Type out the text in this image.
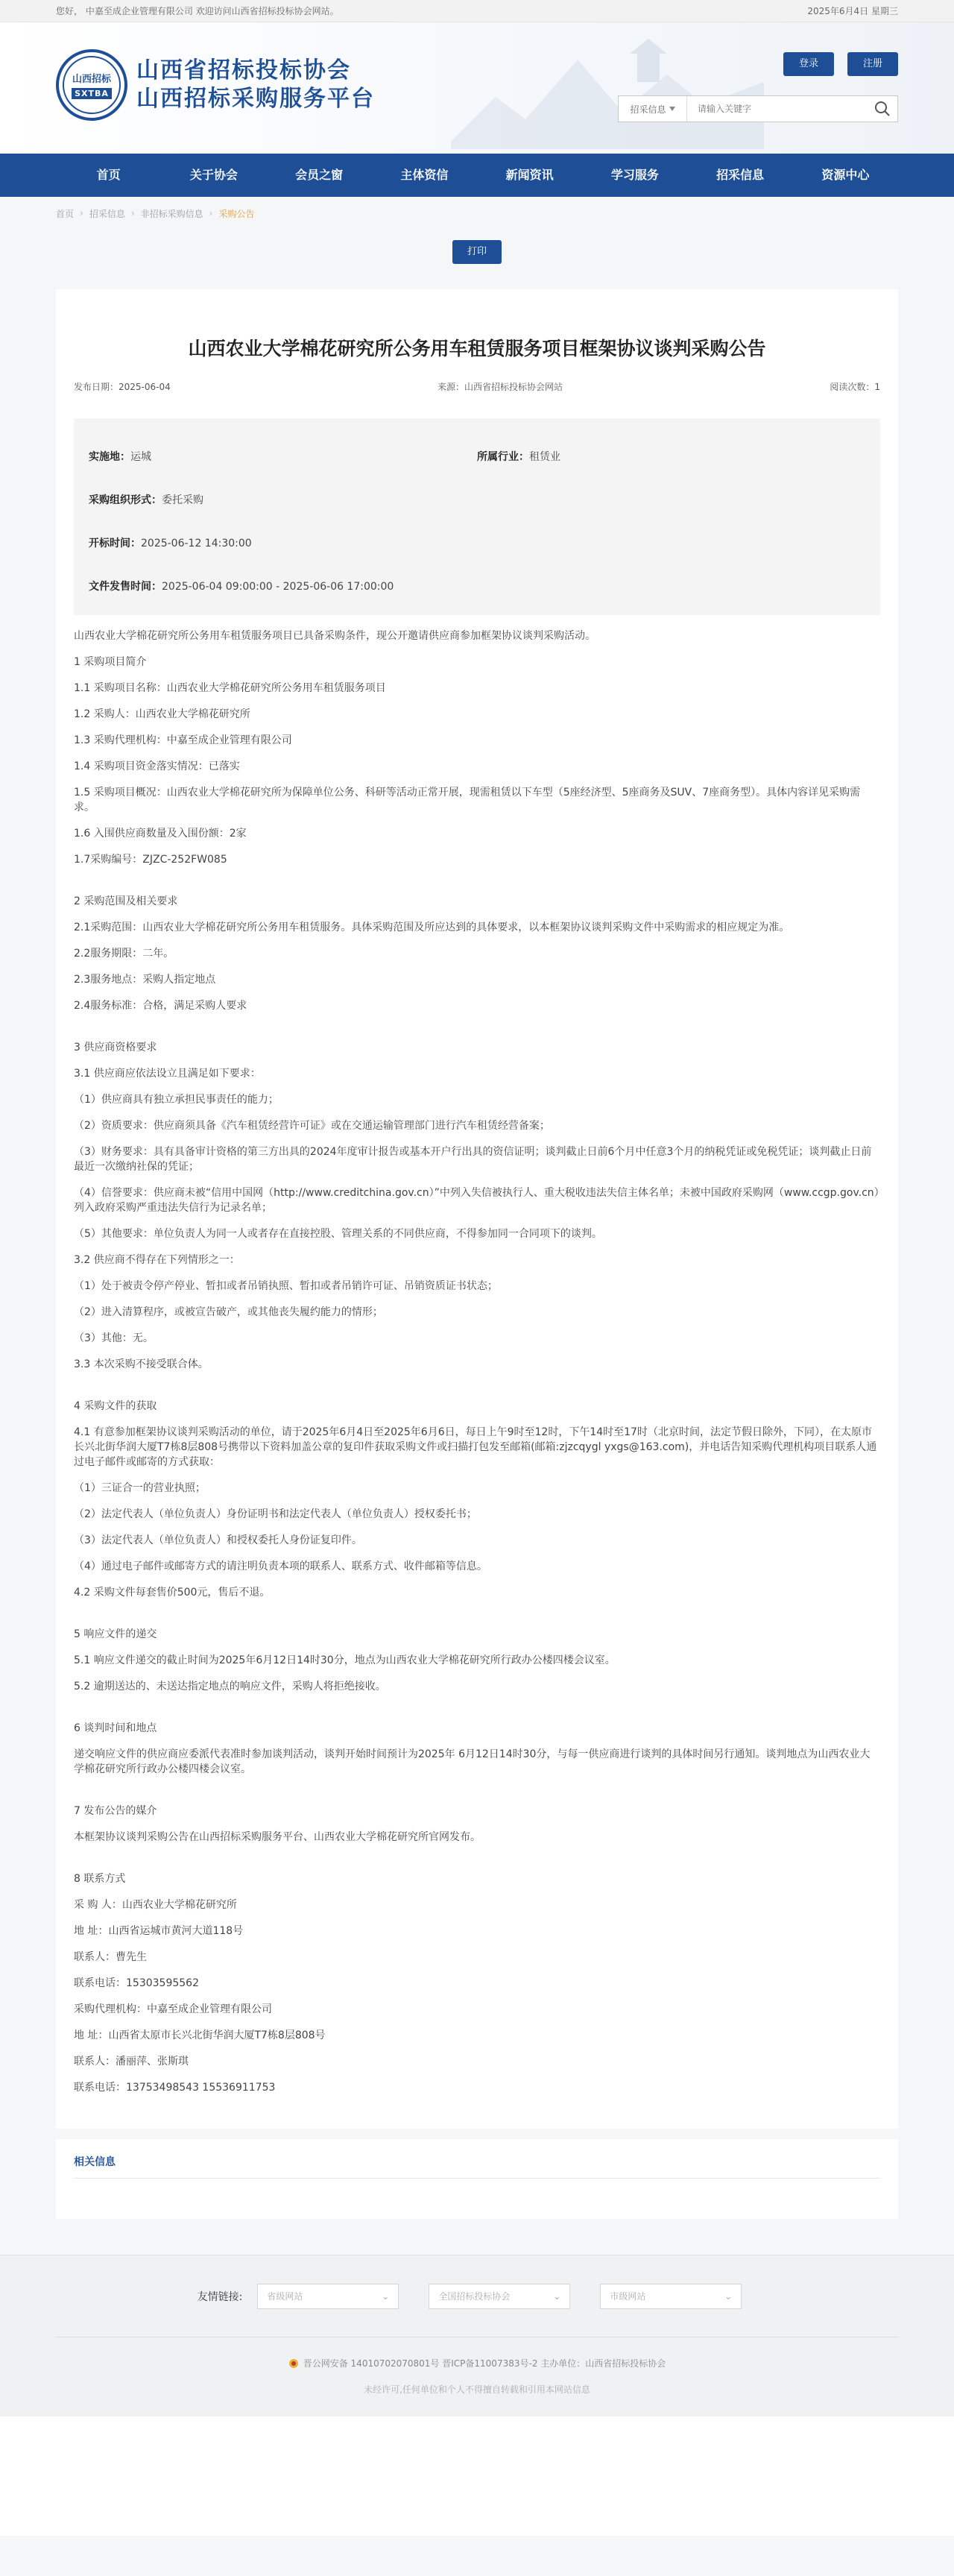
您好， 中嘉至成企业管理有限公司 欢迎访问山西省招标投标协会网站。	2025年6月4日 星期三
山西招标
SXTBA
山西省招标投标协会
山西招标采购服务平台
登录	注册
招采信息
请输入关键字
首页	关于协会	会员之窗	主体资信	新闻资讯	学习服务	招采信息	资源中心
首页 › 招采信息 › 非招标采购信息 › 采购公告
打印
山西农业大学棉花研究所公务用车租赁服务项目框架协议谈判采购公告
发布日期：2025-06-04	来源：山西省招标投标协会网站	阅读次数：1
实施地：运城	所属行业：租赁业
采购组织形式：委托采购
开标时间：2025-06-12 14:30:00
文件发售时间：2025-06-04 09:00:00 - 2025-06-06 17:00:00

山西农业大学棉花研究所公务用车租赁服务项目已具备采购条件，现公开邀请供应商参加框架协议谈判采购活动。

1 采购项目简介

1.1 采购项目名称：山西农业大学棉花研究所公务用车租赁服务项目

1.2 采购人：山西农业大学棉花研究所

1.3 采购代理机构：中嘉至成企业管理有限公司

1.4 采购项目资金落实情况：已落实

1.5 采购项目概况：山西农业大学棉花研究所为保障单位公务、科研等活动正常开展，现需租赁以下车型（5座经济型、5座商务及SUV、7座商务型）。具体内容详见采购需求。

1.6 入围供应商数量及入围份额：2家

1.7采购编号：ZJZC-252FW085

2 采购范围及相关要求

2.1采购范围：山西农业大学棉花研究所公务用车租赁服务。具体采购范围及所应达到的具体要求，以本框架协议谈判采购文件中采购需求的相应规定为准。

2.2服务期限：二年。

2.3服务地点：采购人指定地点

2.4服务标准：合格，满足采购人要求

3 供应商资格要求

3.1 供应商应依法设立且满足如下要求：

（1）供应商具有独立承担民事责任的能力；

（2）资质要求：供应商须具备《汽车租赁经营许可证》或在交通运输管理部门进行汽车租赁经营备案；

（3）财务要求：具有具备审计资格的第三方出具的2024年度审计报告或基本开户行出具的资信证明；谈判截止日前6个月中任意3个月的纳税凭证或免税凭证；谈判截止日前最近一次缴纳社保的凭证；

（4）信誉要求：供应商未被“信用中国网（http://www.creditchina.gov.cn）”中列入失信被执行人、重大税收违法失信主体名单；未被中国政府采购网（www.ccgp.gov.cn）列入政府采购严重违法失信行为记录名单；

（5）其他要求：单位负责人为同一人或者存在直接控股、管理关系的不同供应商，不得参加同一合同项下的谈判。

3.2 供应商不得存在下列情形之一：

（1）处于被责令停产停业、暂扣或者吊销执照、暂扣或者吊销许可证、吊销资质证书状态；

（2）进入清算程序，或被宣告破产，或其他丧失履约能力的情形；

（3）其他：无。

3.3 本次采购不接受联合体。

4 采购文件的获取

4.1 有意参加框架协议谈判采购活动的单位，请于2025年6月4日至2025年6月6日，每日上午9时至12时，下午14时至17时（北京时间，法定节假日除外，下同），在太原市长兴北街华润大厦T7栋8层808号携带以下资料加盖公章的复印件获取采购文件或扫描打包发至邮箱(邮箱:zjzcqygl yxgs@163.com)，并电话告知采购代理机构项目联系人通过电子邮件或邮寄的方式获取：

（1）三证合一的营业执照；

（2）法定代表人（单位负责人）身份证明书和法定代表人（单位负责人）授权委托书；

（3）法定代表人（单位负责人）和授权委托人身份证复印件。

（4）通过电子邮件或邮寄方式的请注明负责本项的联系人、联系方式、收件邮箱等信息。

4.2 采购文件每套售价500元，售后不退。

5 响应文件的递交

5.1 响应文件递交的截止时间为2025年6月12日14时30分，地点为山西农业大学棉花研究所行政办公楼四楼会议室。

5.2 逾期送达的、未送达指定地点的响应文件，采购人将拒绝接收。

6 谈判时间和地点

递交响应文件的供应商应委派代表准时参加谈判活动，谈判开始时间预计为2025年 6月12日14时30分，与每一供应商进行谈判的具体时间另行通知。谈判地点为山西农业大学棉花研究所行政办公楼四楼会议室。

7 发布公告的媒介

本框架协议谈判采购公告在山西招标采购服务平台、山西农业大学棉花研究所官网发布。

8 联系方式

采 购 人：山西农业大学棉花研究所

地 址：山西省运城市黄河大道118号

联系人：曹先生

联系电话：15303595562

采购代理机构：中嘉至成企业管理有限公司

地 址：山西省太原市长兴北街华润大厦T7栋8层808号

联系人：潘丽萍、张斯琪

联系电话：13753498543 15536911753

相关信息
友情链接:	省级网站	⌄	全国招标投标协会	⌄	市级网站	⌄
晋公网安备 14010702070801号 晋ICP备11007383号-2 主办单位：山西省招标投标协会
未经许可,任何单位和个人不得擅自转载和引用本网站信息
